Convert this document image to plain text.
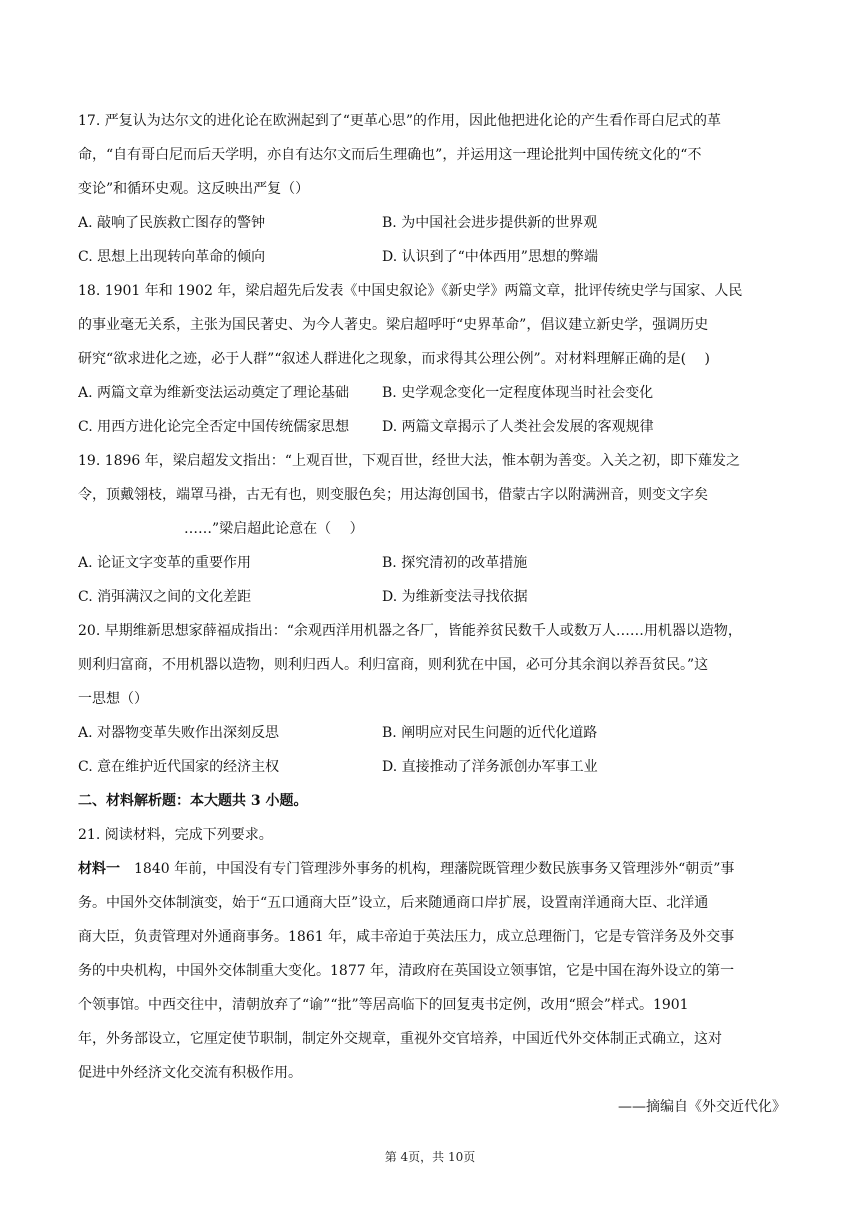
17. 严复认为达尔文的进化论在欧洲起到了“更革心思”的作用，因此他把进化论的产生看作哥白尼式的革

命，“自有哥白尼而后天学明，亦自有达尔文而后生理确也”，并运用这一理论批判中国传统文化的“不

变论”和循环史观。这反映出严复（）

A. 敲响了民族救亡图存的警钟	B. 为中国社会进步提供新的世界观
C. 思想上出现转向革命的倾向	D. 认识到了“中体西用”思想的弊端

18. 1901 年和 1902 年，梁启超先后发表《中国史叙论》《新史学》两篇文章，批评传统史学与国家、人民

的事业毫无关系，主张为国民著史、为今人著史。梁启超呼吁“史界革命”，倡议建立新史学，强调历史

研究“欲求进化之迹，必于人群”“叙述人群进化之现象，而求得其公理公例”。对材料理解正确的是(　 )

A. 两篇文章为维新变法运动奠定了理论基础	B. 史学观念变化一定程度体现当时社会变化
C. 用西方进化论完全否定中国传统儒家思想	D. 两篇文章揭示了人类社会发展的客观规律

19. 1896 年，梁启超发文指出：“上观百世，下观百世，经世大法，惟本朝为善变。入关之初，即下薙发之

令，顶戴翎枝，端罩马褂，古无有也，则变服色矣；用达海创国书，借蒙古字以附满洲音，则变文字矣

……”梁启超此论意在（　 ）

A. 论证文字变革的重要作用	B. 探究清初的改革措施
C. 消弭满汉之间的文化差距	D. 为维新变法寻找依据

20. 早期维新思想家薛福成指出：“余观西洋用机器之各厂，皆能养贫民数千人或数万人……用机器以造物，

则利归富商，不用机器以造物，则利归西人。利归富商，则利犹在中国，必可分其余润以养吾贫民。”这

一思想（）

A. 对器物变革失败作出深刻反思	B. 阐明应对民生问题的近代化道路
C. 意在维护近代国家的经济主权	D. 直接推动了洋务派创办军事工业

二、材料解析题：本大题共 3 小题。

21. 阅读材料，完成下列要求。

材料一　1840 年前，中国没有专门管理涉外事务的机构，理藩院既管理少数民族事务又管理涉外“朝贡”事

务。中国外交体制演变，始于“五口通商大臣”设立，后来随通商口岸扩展，设置南洋通商大臣、北洋通

商大臣，负责管理对外通商事务。1861 年，咸丰帝迫于英法压力，成立总理衙门，它是专管洋务及外交事

务的中央机构，中国外交体制重大变化。1877 年，清政府在英国设立领事馆，它是中国在海外设立的第一

个领事馆。中西交往中，清朝放弃了“谕”“批”等居高临下的回复夷书定例，改用“照会”样式。1901

年，外务部设立，它厘定使节职制，制定外交规章，重视外交官培养，中国近代外交体制正式确立，这对

促进中外经济文化交流有积极作用。

——摘编自《外交近代化》

第 4页，共 10页
